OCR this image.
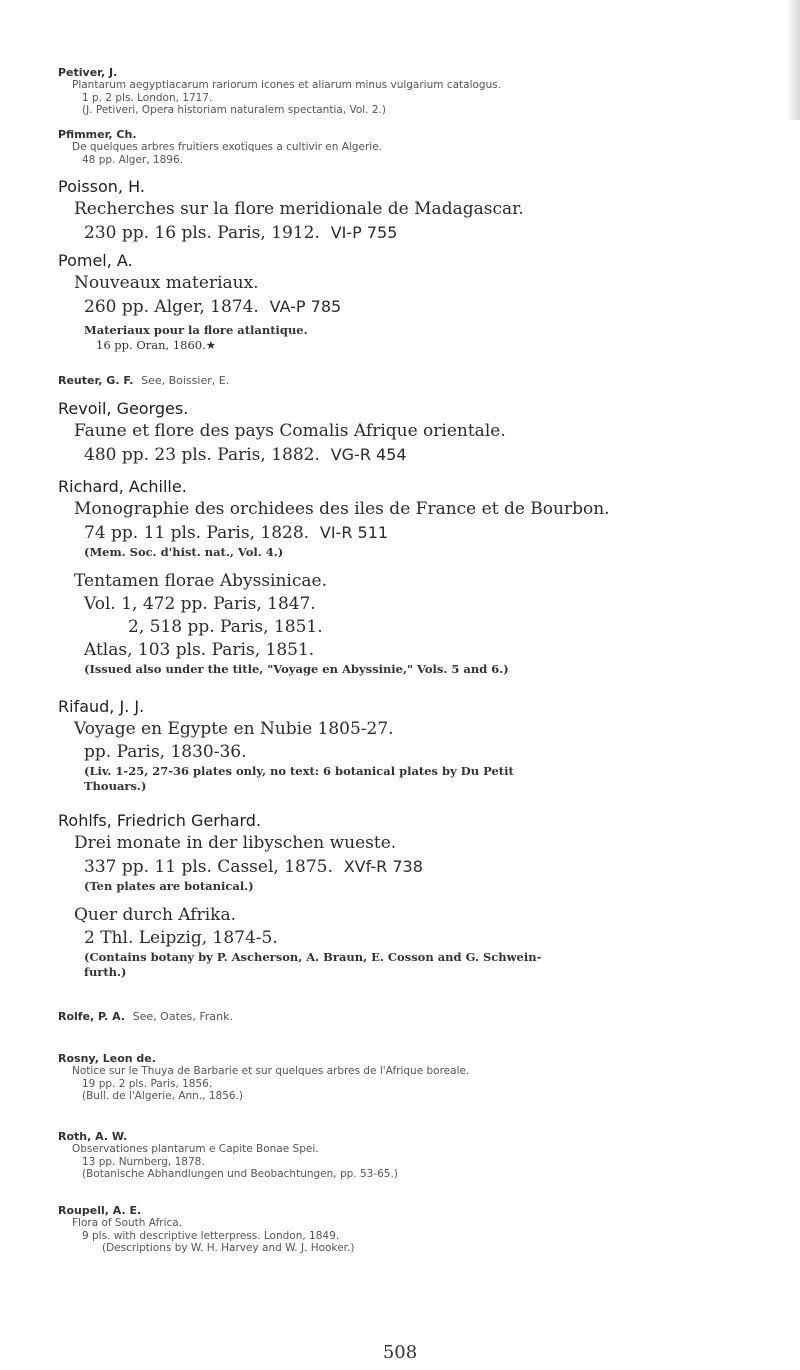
Petiver, J.
Plantarum aegyptiacarum rariorum icones et aliarum minus vulgarium catalogus.
1 p. 2 pls. London, 1717.
(J. Petiveri, Opera historiam naturalem spectantia, Vol. 2.)
Pfimmer, Ch.
De quelques arbres fruitiers exotiques a cultivir en Algerie.
48 pp. Alger, 1896.
Poisson, H.
Recherches sur la flore meridionale de Madagascar.
230 pp. 16 pls. Paris, 1912. VI-P 755
Pomel, A.
Nouveaux materiaux.
260 pp. Alger, 1874. VA-P 785
Materiaux pour la flore atlantique.
16 pp. Oran, 1860.★
Reuter, G. F. See, Boissier, E.
Revoil, Georges.
Faune et flore des pays Comalis Afrique orientale.
480 pp. 23 pls. Paris, 1882. VG-R 454
Richard, Achille.
Monographie des orchidees des iles de France et de Bourbon.
74 pp. 11 pls. Paris, 1828. VI-R 511
(Mem. Soc. d'hist. nat., Vol. 4.)
Tentamen florae Abyssinicae.
Vol. 1, 472 pp. Paris, 1847.
2, 518 pp. Paris, 1851.
Atlas, 103 pls. Paris, 1851.
(Issued also under the title, "Voyage en Abyssinie," Vols. 5 and 6.)
Rifaud, J. J.
Voyage en Egypte en Nubie 1805-27.
pp. Paris, 1830-36.
(Liv. 1-25, 27-36 plates only, no text: 6 botanical plates by Du Petit
Thouars.)
Rohlfs, Friedrich Gerhard.
Drei monate in der libyschen wueste.
337 pp. 11 pls. Cassel, 1875. XVf-R 738
(Ten plates are botanical.)
Quer durch Afrika.
2 Thl. Leipzig, 1874-5.
(Contains botany by P. Ascherson, A. Braun, E. Cosson and G. Schwein-
furth.)
Rolfe, P. A. See, Oates, Frank.
Rosny, Leon de.
Notice sur le Thuya de Barbarie et sur quelques arbres de l'Afrique boreale.
19 pp. 2 pls. Paris, 1856.
(Bull. de l'Algerie, Ann., 1856.)
Roth, A. W.
Observationes plantarum e Capite Bonae Spei.
13 pp. Nurnberg, 1878.
(Botanische Abhandlungen und Beobachtungen, pp. 53-65.)
Roupell, A. E.
Flora of South Africa.
9 pls. with descriptive letterpress. London, 1849.
(Descriptions by W. H. Harvey and W. J. Hooker.)
508
